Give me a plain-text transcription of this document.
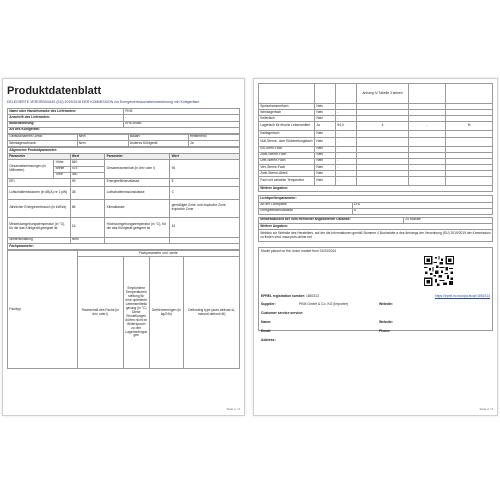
Produktdatenblatt
DELEGIERTE VERORDNUNG (EU) 2019/2016 DER KOMMISSION zur Energieverbrauchskennzeichnung von Kühlgeräten
Name oder Handelsmarke des Lieferanten:	PKM
Anschrift des Lieferanten:	-
Modellkennung:	KHE3938B
Art des Kühlgeräts:	
Geräuscharmes Gerät:	Nein	Bauart:	freistehend
Weinlagerschrank:	Nein	Anderes Kühlgerät:	Ja
Allgemeine Produktparameter:				
Parameter		Wert	Parameter	Wert
Gesamtabmessungen (in Millimeter)	Höhe	840	Gesamtrauminhalt (in dm³ oder l)	94
	Breite	475		
	Tiefe	450		
EEI		99	Energieeffizienzklasse	E
Luftschallemissionen (in dB(A) re 1 pW)		38	Luftschallemissionsklasse	C
Jährlicher Energieverbrauch (in kWh/a)		86	Klimaklasse:	gemäßigte Zone, sub-tropische Zone, tropische Zone
Mindestumgebungstemperatur (in °C), für die das Kühlgerät geeignet ist		16	Höchstumgebungstemperatur (in °C), für die das Kühlgerät geeignet ist	43
Winterschaltung		Nein		
Fachparameter:				
Fachtyp	Fachparameter und -werte			
	Rauminhalt des Fachs (in dm³ oder l)	Empfohlene Temperatureinstellung für eine optimierte Lebensmittellagerung (in °C) Diese Einstellungen dürfen nicht im Widerspruch zu den Lagerbedingungen	Gefriervermögen (in kg/24h)	Defrosting type (auto-defrost=A, manual defrost=M)
Seite 1 / 2
			Anhang IV Tabelle 3 stehen		
Speisekammerfach	Nein	-			
Weinlagerfach	Nein	-			
Kellerfach	Nein	-			
Lagerfach für frische Lebensmittel	Ja	94,0	4	-	M
Kaltlagerfach	Nein	-			
Null-Sterne- oder Eisbereitungsfach	Nein	-			
Ein-Stern-Fach	Nein	-			
Zwei-Sterne-Fach	Nein	-			
Drei-Sterne-Fach	Nein	-			
Vier-Sterne-Fach	Nein	-			
Zwei-Sterne-Abteil	Nein	-			
Fach mit variabler Temperatur	Nein	-			
Weitere Angaben:					
Lichtquellenparameter:	
Art der Lichtquelle	LED
Energieeffizienzklasse	G
Mindestlaufzeit der vom Hersteller angebotenen Garantie:	24 Monate
Weitere Angaben:
Weblink zur Website des Herstellers, auf der die Informationen gemäß Nummer 4 Buchstabe a des Anhangs der Verordnung (EU) 2019/2019 der Kommission zu finden sind: www.pkm-online.net
Model placed on the Union market from 31/03/2024
EPREL registration number: 1892313	https://eprel.ec.europa.eu/qr/1892313
Supplier:	PKM GmbH & Co. KG (Importer)	Website:
Customer service service:
Name:	Website:
Email:	Phone:
Address:
Seite 2 / 2
